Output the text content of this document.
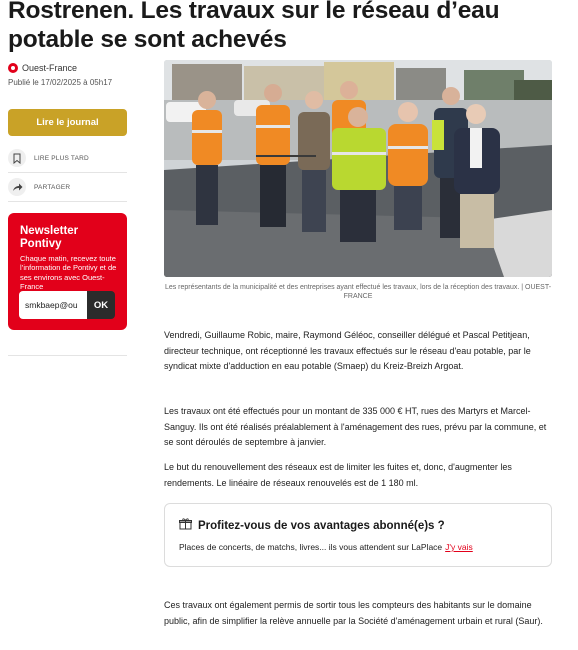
Rostrenen. Les travaux sur le réseau d’eau potable se sont achevés
Ouest-France
Publié le 17/02/2025 à 05h17
Lire le journal
LIRE PLUS TARD
PARTAGER
Newsletter Pontivy
Chaque matin, recevez toute l’information de Pontivy et de ses environs avec Ouest-France
smkbaep@ou
OK
Les représentants de la municipalité et des entreprises ayant effectué les travaux, lors de la réception des travaux. | OUEST-FRANCE

Vendredi, Guillaume Robic, maire, Raymond Géléoc, conseiller délégué et Pascal Petitjean, directeur technique, ont réceptionné les travaux effectués sur le réseau d'eau potable, par le syndicat mixte d'adduction en eau potable (Smaep) du Kreiz-Breizh Argoat.

Les travaux ont été effectués pour un montant de 335 000 € HT, rues des Martyrs et Marcel-Sanguy. Ils ont été réalisés préalablement à l'aménagement des rues, prévu par la commune, et se sont déroulés de septembre à janvier.

Le but du renouvellement des réseaux est de limiter les fuites et, donc, d'augmenter les rendements. Le linéaire de réseaux renouvelés est de 1 180 ml.

Profitez-vous de vos avantages abonné(e)s ?
Places de concerts, de matchs, livres... ils vous attendent sur LaPlace J'y vais

Ces travaux ont également permis de sortir tous les compteurs des habitants sur le domaine public, afin de simplifier la relève annuelle par la Société d'aménagement urbain et rural (Saur).
